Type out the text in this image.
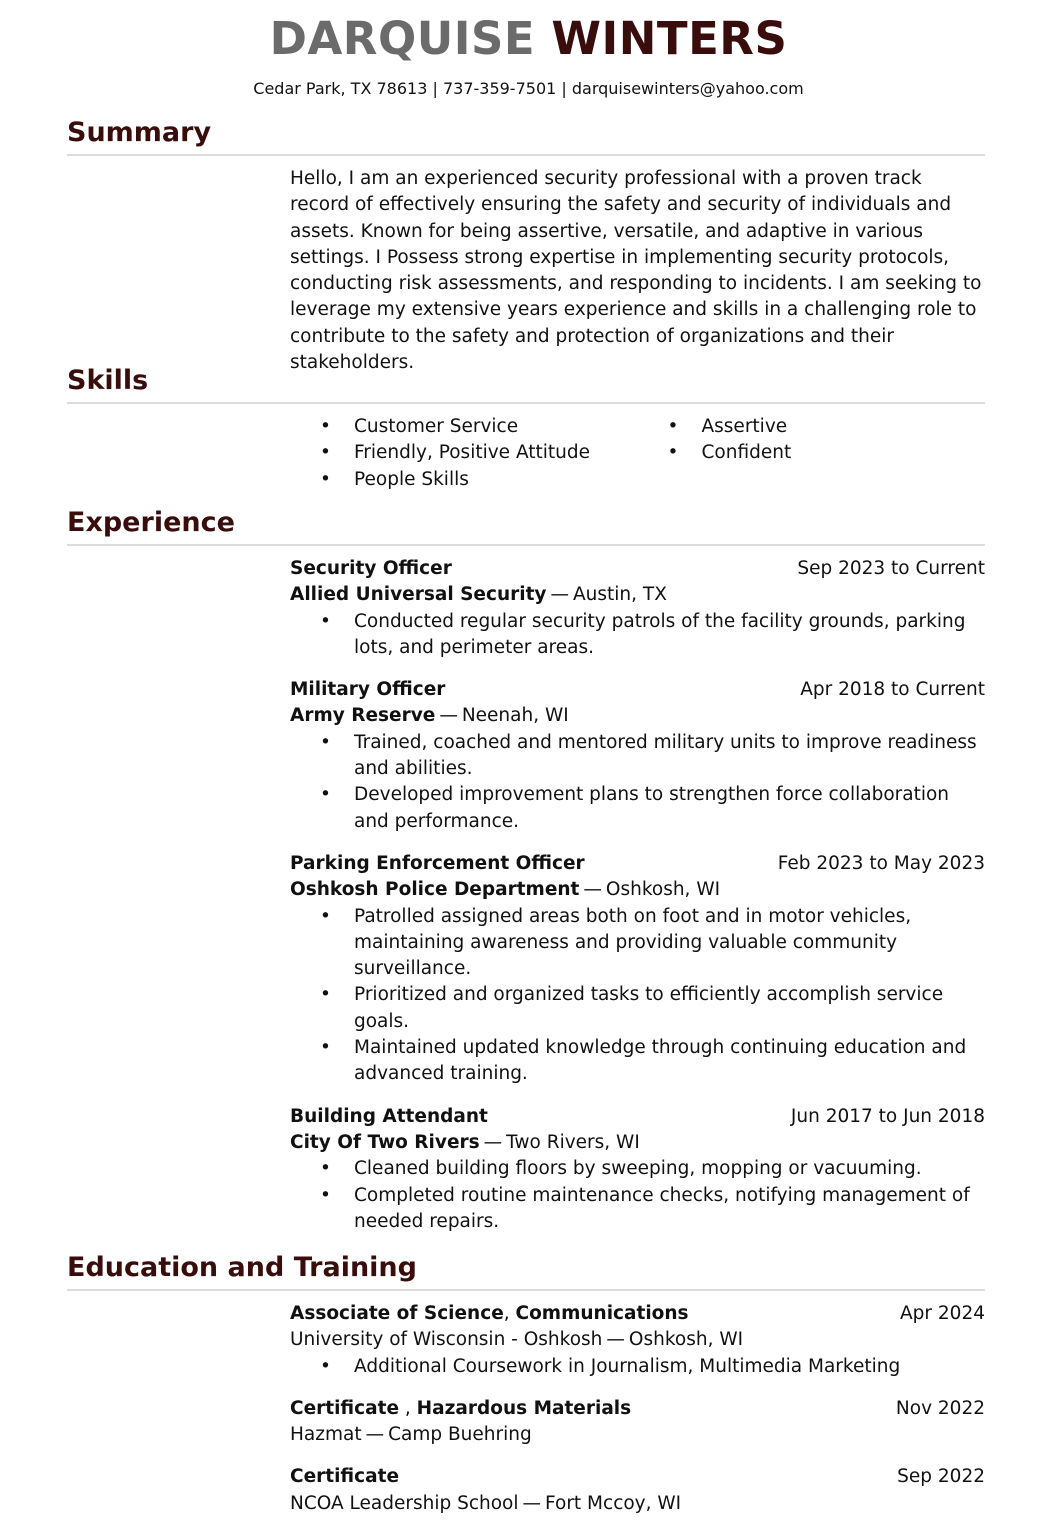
DARQUISE WINTERS
Cedar Park, TX 78613 | 737-359-7501 | darquisewinters@yahoo.com
Summary
Hello, I am an experienced security professional with a proven track record of effectively ensuring the safety and security of individuals and assets. Known for being assertive, versatile, and adaptive in various settings. I Possess strong expertise in implementing security protocols, conducting risk assessments, and responding to incidents. I am seeking to leverage my extensive years experience and skills in a challenging role to contribute to the safety and protection of organizations and their stakeholders.
Skills
• Customer Service
• Friendly, Positive Attitude
• People Skills
• Assertive
• Confident
Experience
Security Officer	Sep 2023 to Current
Allied Universal Security — Austin, TX
• Conducted regular security patrols of the facility grounds, parking lots, and perimeter areas.
Military Officer	Apr 2018 to Current
Army Reserve — Neenah, WI
• Trained, coached and mentored military units to improve readiness and abilities.
• Developed improvement plans to strengthen force collaboration and performance.
Parking Enforcement Officer	Feb 2023 to May 2023
Oshkosh Police Department — Oshkosh, WI
• Patrolled assigned areas both on foot and in motor vehicles, maintaining awareness and providing valuable community surveillance.
• Prioritized and organized tasks to efficiently accomplish service goals.
• Maintained updated knowledge through continuing education and advanced training.
Building Attendant	Jun 2017 to Jun 2018
City Of Two Rivers — Two Rivers, WI
• Cleaned building floors by sweeping, mopping or vacuuming.
• Completed routine maintenance checks, notifying management of needed repairs.
Education and Training
Associate of Science, Communications	Apr 2024
University of Wisconsin - Oshkosh — Oshkosh, WI
• Additional Coursework in Journalism, Multimedia Marketing
Certificate , Hazardous Materials	Nov 2022
Hazmat — Camp Buehring
Certificate	Sep 2022
NCOA Leadership School — Fort Mccoy, WI
